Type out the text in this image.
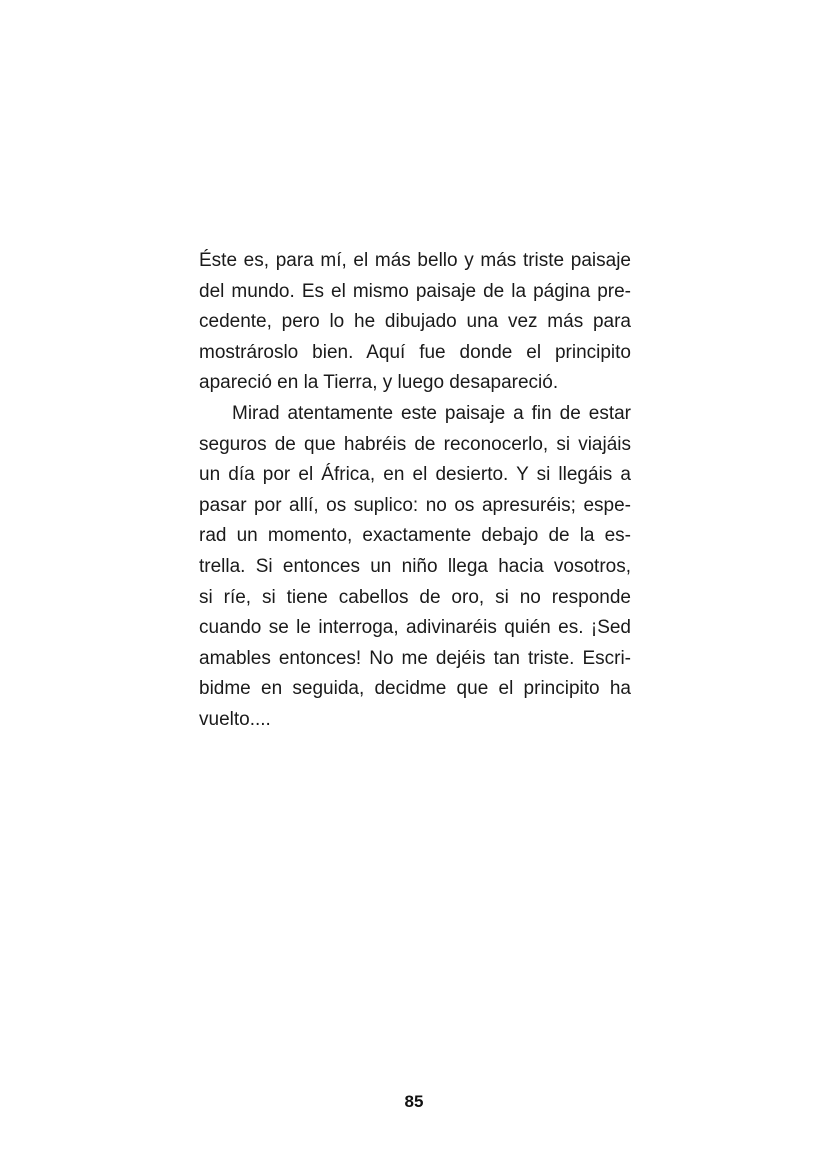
Éste es, para mí, el más bello y más triste paisaje
del mundo. Es el mismo paisaje de la página pre-
cedente, pero lo he dibujado una vez más para
mostrároslo bien. Aquí fue donde el principito
apareció en la Tierra, y luego desapareció.
Mirad atentamente este paisaje a fin de estar
seguros de que habréis de reconocerlo, si viajáis
un día por el África, en el desierto. Y si llegáis a
pasar por allí, os suplico: no os apresuréis; espe-
rad un momento, exactamente debajo de la es-
trella. Si entonces un niño llega hacia vosotros,
si ríe, si tiene cabellos de oro, si no responde
cuando se le interroga, adivinaréis quién es. ¡Sed
amables entonces! No me dejéis tan triste. Escri-
bidme en seguida, decidme que el principito ha
vuelto....
85
